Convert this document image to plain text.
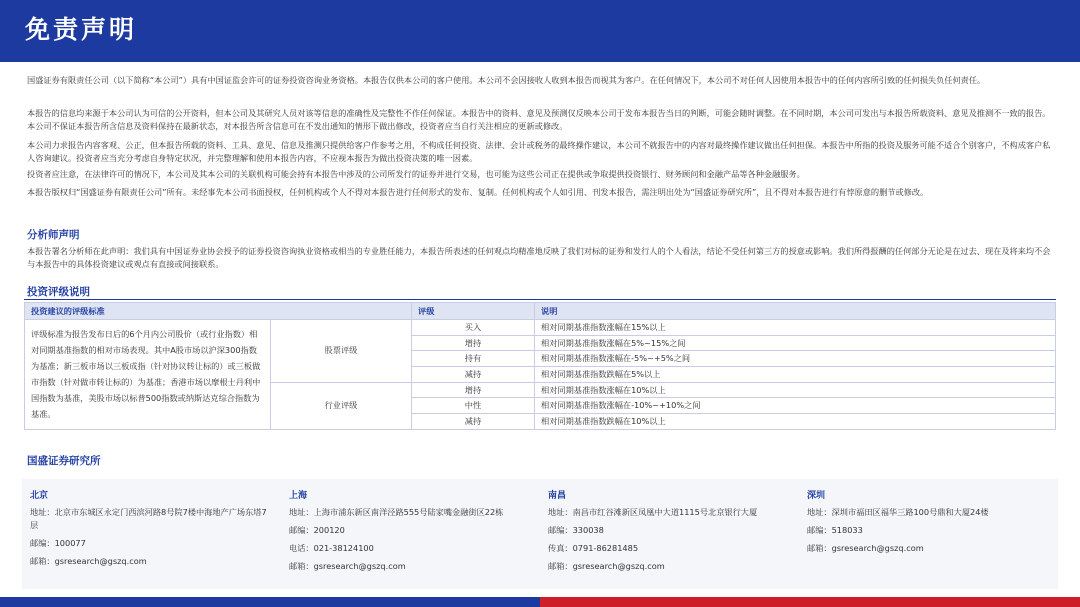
免责声明
国盛证券有限责任公司（以下简称“本公司”）具有中国证监会许可的证券投资咨询业务资格。本报告仅供本公司的客户使用。本公司不会因接收人收到本报告而视其为客户。在任何情况下，本公司不对任何人因使用本报告中的任何内容所引致的任何损失负任何责任。
本报告的信息均来源于本公司认为可信的公开资料，但本公司及其研究人员对该等信息的准确性及完整性不作任何保证。本报告中的资料、意见及预测仅反映本公司于发布本报告当日的判断，可能会随时调整。在不同时期，本公司可发出与本报告所载资料、意见及推测不一致的报告。本公司不保证本报告所含信息及资料保持在最新状态，对本报告所含信息可在不发出通知的情形下做出修改，投资者应当自行关注相应的更新或修改。
本公司力求报告内容客观、公正，但本报告所载的资料、工具、意见、信息及推测只提供给客户作参考之用，不构成任何投资、法律、会计或税务的最终操作建议，本公司不就报告中的内容对最终操作建议做出任何担保。本报告中所指的投资及服务可能不适合个别客户，不构成客户私人咨询建议。投资者应当充分考虑自身特定状况，并完整理解和使用本报告内容，不应视本报告为做出投资决策的唯一因素。
投资者应注意，在法律许可的情况下，本公司及其本公司的关联机构可能会持有本报告中涉及的公司所发行的证券并进行交易，也可能为这些公司正在提供或争取提供投资银行、财务顾问和金融产品等各种金融服务。
本报告版权归“国盛证券有限责任公司”所有。未经事先本公司书面授权，任何机构或个人不得对本报告进行任何形式的发布、复制。任何机构或个人如引用、刊发本报告，需注明出处为“国盛证券研究所”，且不得对本报告进行有悖原意的删节或修改。
分析师声明
本报告署名分析师在此声明：我们具有中国证券业协会授予的证券投资咨询执业资格或相当的专业胜任能力，本报告所表述的任何观点均精准地反映了我们对标的证券和发行人的个人看法，结论不受任何第三方的授意或影响。我们所得报酬的任何部分无论是在过去、现在及将来均不会与本报告中的具体投资建议或观点有直接或间接联系。
投资评级说明
投资建议的评级标准		评级	说明
评级标准为报告发布日后的6个月内公司股价（或行业指数）相对同期基准指数的相对市场表现。其中A股市场以沪深300指数为基准；新三板市场以三板成指（针对协议转让标的）或三板做市指数（针对做市转让标的）为基准；香港市场以摩根士丹利中国指数为基准，美股市场以标普500指数或纳斯达克综合指数为基准。	股票评级	买入	相对同期基准指数涨幅在15%以上
		增持	相对同期基准指数涨幅在5%~15%之间
		持有	相对同期基准指数涨幅在-5%~+5%之间
		减持	相对同期基准指数跌幅在5%以上
	行业评级	增持	相对同期基准指数涨幅在10%以上
		中性	相对同期基准指数涨幅在-10%~+10%之间
		减持	相对同期基准指数跌幅在10%以上
国盛证券研究所
北京
地址：北京市东城区永定门西滨河路8号院7楼中海地产广场东塔7层
邮编：100077
邮箱：gsresearch@gszq.com
上海
地址：上海市浦东新区南洋泾路555号陆家嘴金融街区22栋
邮编：200120
电话：021-38124100
邮箱：gsresearch@gszq.com
南昌
地址：南昌市红谷滩新区凤凰中大道1115号北京银行大厦
邮编：330038
传真：0791-86281485
邮箱：gsresearch@gszq.com
深圳
地址：深圳市福田区福华三路100号鼎和大厦24楼
邮编：518033
邮箱：gsresearch@gszq.com
